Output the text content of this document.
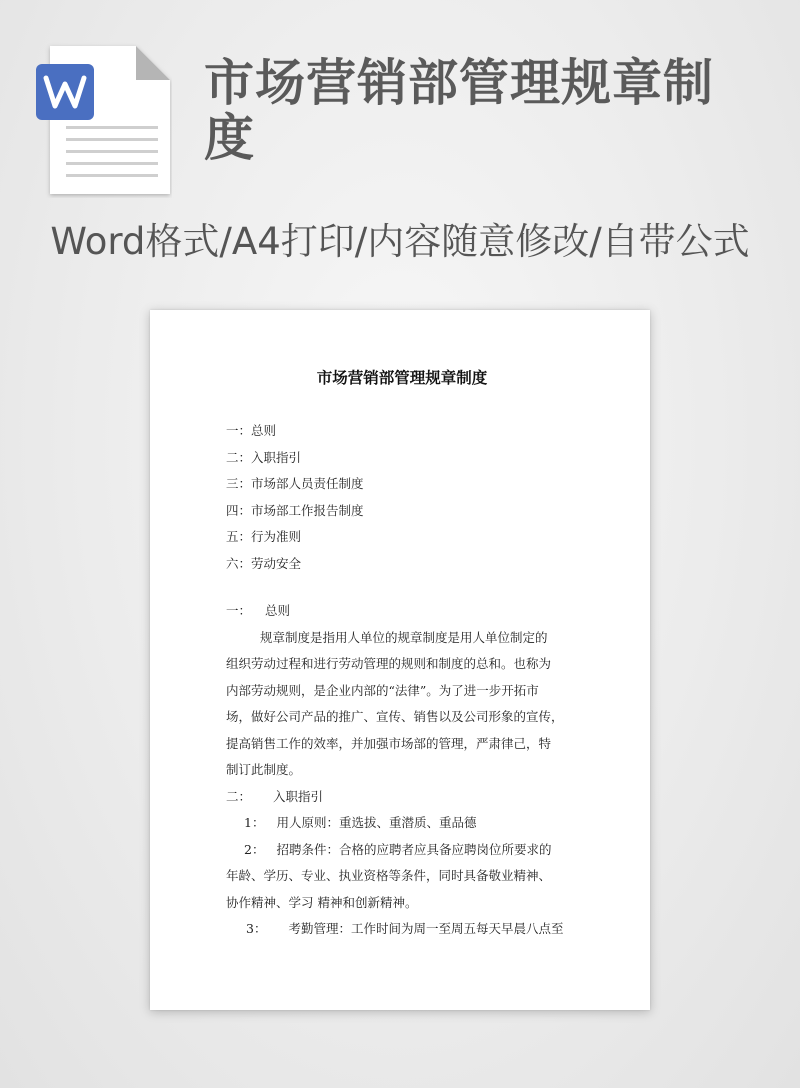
市场营销部管理规章制度
Word格式/A4打印/内容随意修改/自带公式
市场营销部管理规章制度
一：总则
二：入职指引
三：市场部人员责任制度
四：市场部工作报告制度
五：行为准则
六：劳动安全
一： 总则
规章制度是指用人单位的规章制度是用人单位制定的
组织劳动过程和进行劳动管理的规则和制度的总和。也称为
内部劳动规则，是企业内部的“法律”。为了进一步开拓市
场，做好公司产品的推广、宣传、销售以及公司形象的宣传，
提高销售工作的效率，并加强市场部的管理，严肃律己，特
制订此制度。
二： 入职指引
1： 用人原则：重选拔、重潜质、重品德
2： 招聘条件：合格的应聘者应具备应聘岗位所要求的
年龄、学历、专业、执业资格等条件，同时具备敬业精神、
协作精神、学习 精神和创新精神。
3： 考勤管理：工作时间为周一至周五每天早晨八点至
